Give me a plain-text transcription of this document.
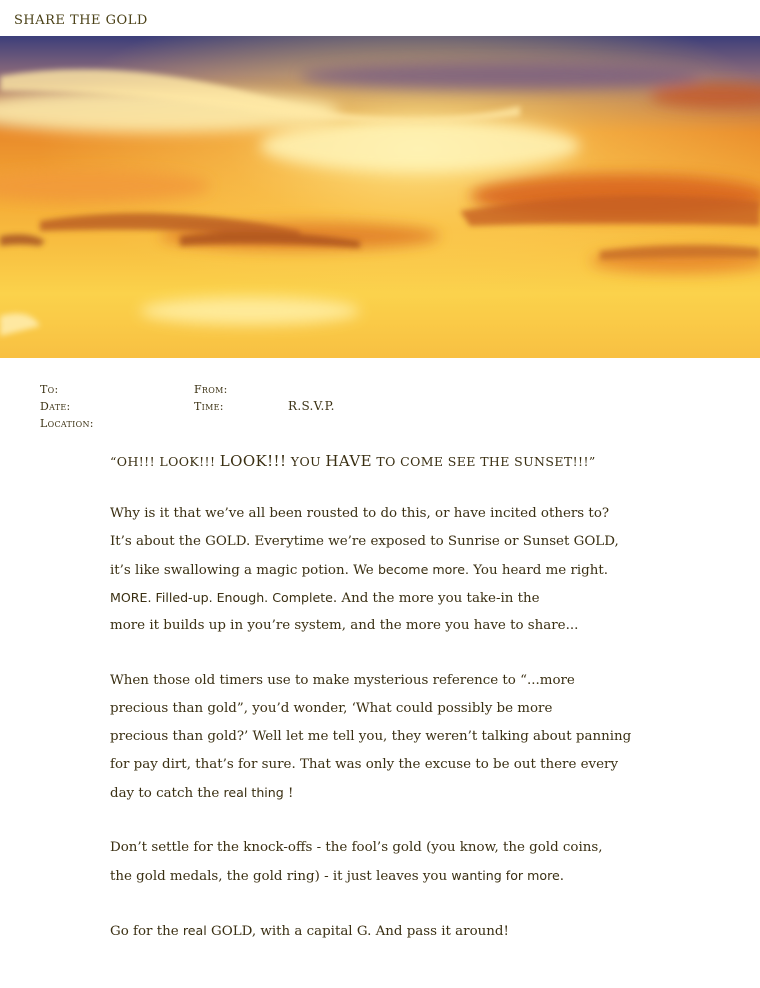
SHARE THE GOLD
To:	From:
Date:	Time:	R.S.V.P.
Location:
“OH!!! LOOK!!! LOOK!!! YOU HAVE TO COME SEE THE SUNSET!!!”
Why is it that we’ve all been rousted to do this, or have incited others to?
It’s about the GOLD. Everytime we’re exposed to Sunrise or Sunset GOLD,
it’s like swallowing a magic potion. We become more. You heard me right.
MORE. Filled-up. Enough. Complete. And the more you take-in the
more it builds up in you’re system, and the more you have to share...
When those old timers use to make mysterious reference to “...more
precious than gold”, you’d wonder, ‘What could possibly be more
precious than gold?’ Well let me tell you, they weren’t talking about panning
for pay dirt, that’s for sure. That was only the excuse to be out there every
day to catch the real thing !
Don’t settle for the knock-offs - the fool’s gold (you know, the gold coins,
the gold medals, the gold ring) - it just leaves you wanting for more.
Go for the real GOLD, with a capital G. And pass it around!
